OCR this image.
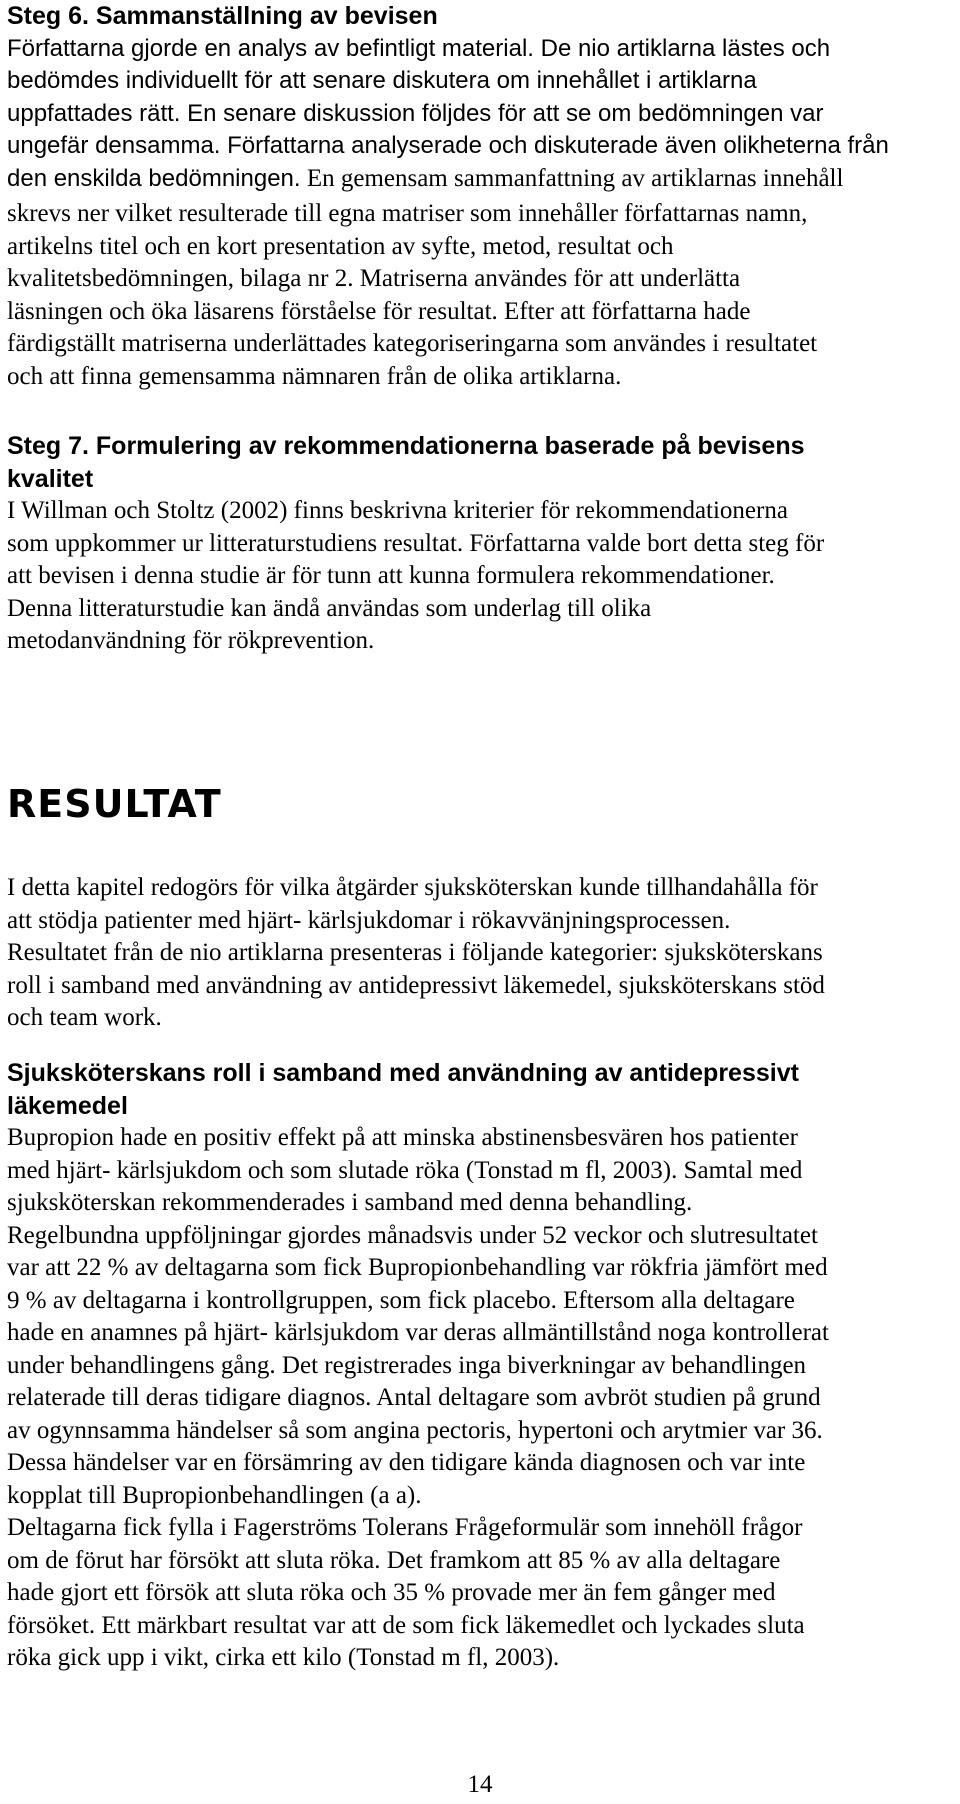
Steg 6. Sammanställning av bevisen

Författarna gjorde en analys av befintligt material. De nio artiklarna lästes och

bedömdes individuellt för att senare diskutera om innehållet i artiklarna

uppfattades rätt. En senare diskussion följdes för att se om bedömningen var

ungefär densamma. Författarna analyserade och diskuterade även olikheterna från

den enskilda bedömningen. En gemensam sammanfattning av artiklarnas innehåll

skrevs ner vilket resulterade till egna matriser som innehåller författarnas namn,

artikelns titel och en kort presentation av syfte, metod, resultat och

kvalitetsbedömningen, bilaga nr 2. Matriserna användes för att underlätta

läsningen och öka läsarens förståelse för resultat. Efter att författarna hade

färdigställt matriserna underlättades kategoriseringarna som användes i resultatet

och att finna gemensamma nämnaren från de olika artiklarna.

Steg 7. Formulering av rekommendationerna baserade på bevisens

kvalitet

I Willman och Stoltz (2002) finns beskrivna kriterier för rekommendationerna

som uppkommer ur litteraturstudiens resultat. Författarna valde bort detta steg för

att bevisen i denna studie är för tunn att kunna formulera rekommendationer.

Denna litteraturstudie kan ändå användas som underlag till olika

metodanvändning för rökprevention.

RESULTAT

I detta kapitel redogörs för vilka åtgärder sjuksköterskan kunde tillhandahålla för

att stödja patienter med hjärt- kärlsjukdomar i rökavvänjningsprocessen.

Resultatet från de nio artiklarna presenteras i följande kategorier: sjuksköterskans

roll i samband med användning av antidepressivt läkemedel, sjuksköterskans stöd

och team work.

Sjuksköterskans roll i samband med användning av antidepressivt

läkemedel

Bupropion hade en positiv effekt på att minska abstinensbesvären hos patienter

med hjärt- kärlsjukdom och som slutade röka (Tonstad m fl, 2003). Samtal med

sjuksköterskan rekommenderades i samband med denna behandling.

Regelbundna uppföljningar gjordes månadsvis under 52 veckor och slutresultatet

var att 22 % av deltagarna som fick Bupropionbehandling var rökfria jämfört med

9 % av deltagarna i kontrollgruppen, som fick placebo. Eftersom alla deltagare

hade en anamnes på hjärt- kärlsjukdom var deras allmäntillstånd noga kontrollerat

under behandlingens gång. Det registrerades inga biverkningar av behandlingen

relaterade till deras tidigare diagnos. Antal deltagare som avbröt studien på grund

av ogynnsamma händelser så som angina pectoris, hypertoni och arytmier var 36.

Dessa händelser var en försämring av den tidigare kända diagnosen och var inte

kopplat till Bupropionbehandlingen (a a).

Deltagarna fick fylla i Fagerströms Tolerans Frågeformulär som innehöll frågor

om de förut har försökt att sluta röka. Det framkom att 85 % av alla deltagare

hade gjort ett försök att sluta röka och 35 % provade mer än fem gånger med

försöket. Ett märkbart resultat var att de som fick läkemedlet och lyckades sluta

röka gick upp i vikt, cirka ett kilo (Tonstad m fl, 2003).

14
